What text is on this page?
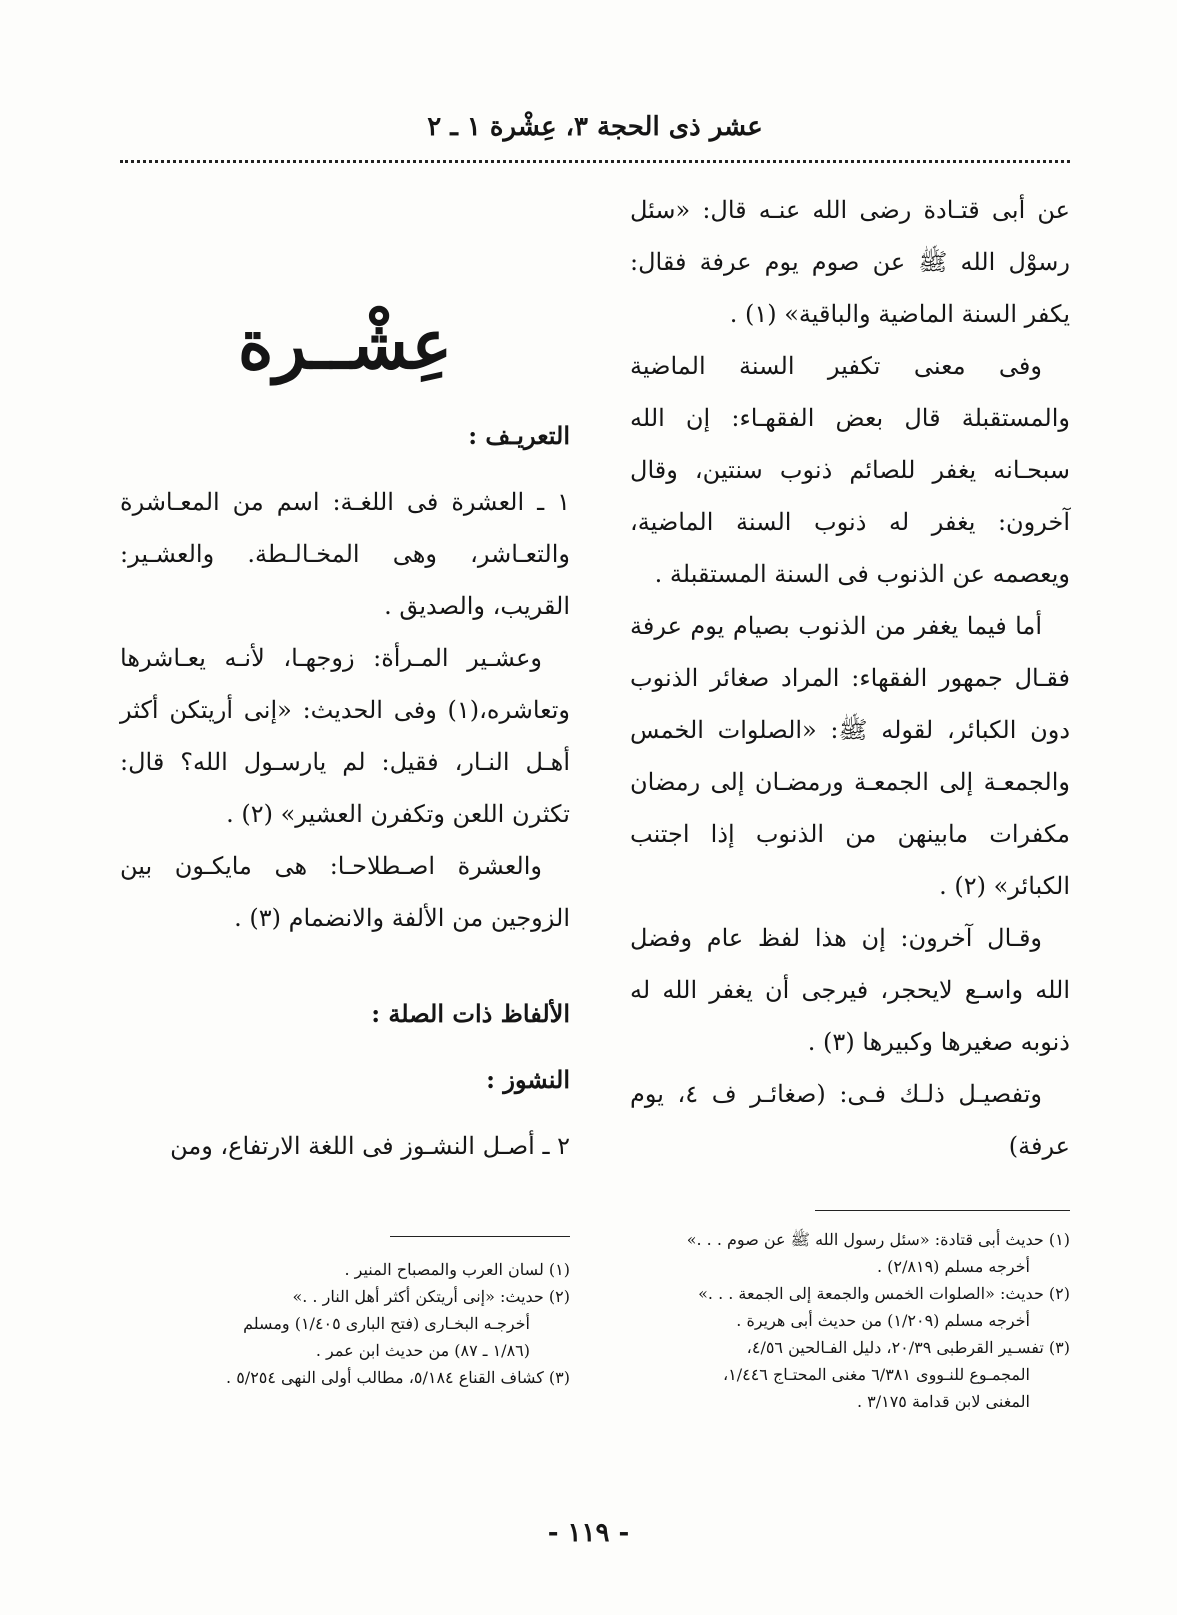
عشر ذى الحجة ٣، عِشْرة ١ ـ ٢
عِشْــرة

عن أبى قتـادة رضى الله عنـه قال: «سئل رسوْل الله ﷺ عن صوم يوم عرفة فقال: يكفر السنة الماضية والباقية» (١) .

وفى معنى تكفير السنة الماضية والمستقبلة قال بعض الفقهـاء: إن الله سبحـانه يغفر للصائم ذنوب سنتين، وقال آخرون: يغفر له ذنوب السنة الماضية، ويعصمه عن الذنوب فى السنة المستقبلة .

أما فيما يغفر من الذنوب بصيام يوم عرفة فقـال جمهور الفقهاء: المراد صغائر الذنوب دون الكبائر، لقوله ﷺ: «الصلوات الخمس والجمعـة إلى الجمعـة ورمضـان إلى رمضان مكفرات مابينهن من الذنوب إذا اجتنب الكبائر» (٢) .

وقـال آخرون: إن هذا لفظ عام وفضل الله واسـع لايحجر، فيرجى أن يغفر الله له ذنوبه صغيرها وكبيرها (٣) .

وتفصيـل ذلـك فـى: (صغائـر ف ٤، يوم عرفة)

التعريـف :

١ ـ العشرة فى اللغـة: اسم من المعـاشرة والتعـاشر، وهى المخـالـطة. والعشـير: القريب، والصديق .

وعشـير المـرأة: زوجهـا، لأنـه يعـاشرها وتعاشره،(١) وفى الحديث: «إنى أريتكن أكثر أهـل النـار، فقيل: لم يارسـول الله؟ قال: تكثرن اللعن وتكفرن العشير» (٢) .

والعشرة اصـطلاحـا: هى مايكـون بين الزوجين من الألفة والانضمام (٣) .

الألفاظ ذات الصلة :

النشوز :

٢ ـ أصـل النشـوز فى اللغة الارتفاع، ومن

(١) حديث أبى قتادة: «سئل رسول الله ﷺ عن صوم . . .»

أخرجه مسلم (٢/٨١٩) .

(٢) حديث: «الصلوات الخمس والجمعة إلى الجمعة . . .»

أخرجه مسلم (١/٢٠٩) من حديث أبى هريرة .

(٣) تفسـير القرطبى ٢٠/٣٩، دليل الفـالحين ٤/٥٦،

المجمـوع للنـووى ٦/٣٨١ مغنى المحتـاج ١/٤٤٦،

المغنى لابن قدامة ٣/١٧٥ .

(١) لسان العرب والمصباح المنير .

(٢) حديث: «إنى أريتكن أكثر أهل النار . .»

أخرجـه البخـارى (فتح البارى ١/٤٠٥) ومسلم

(١/٨٦ ـ ٨٧) من حديث ابن عمر .

(٣) كشاف القناع ٥/١٨٤، مطالب أولى النهى ٥/٢٥٤ .

- ١١٩ -
